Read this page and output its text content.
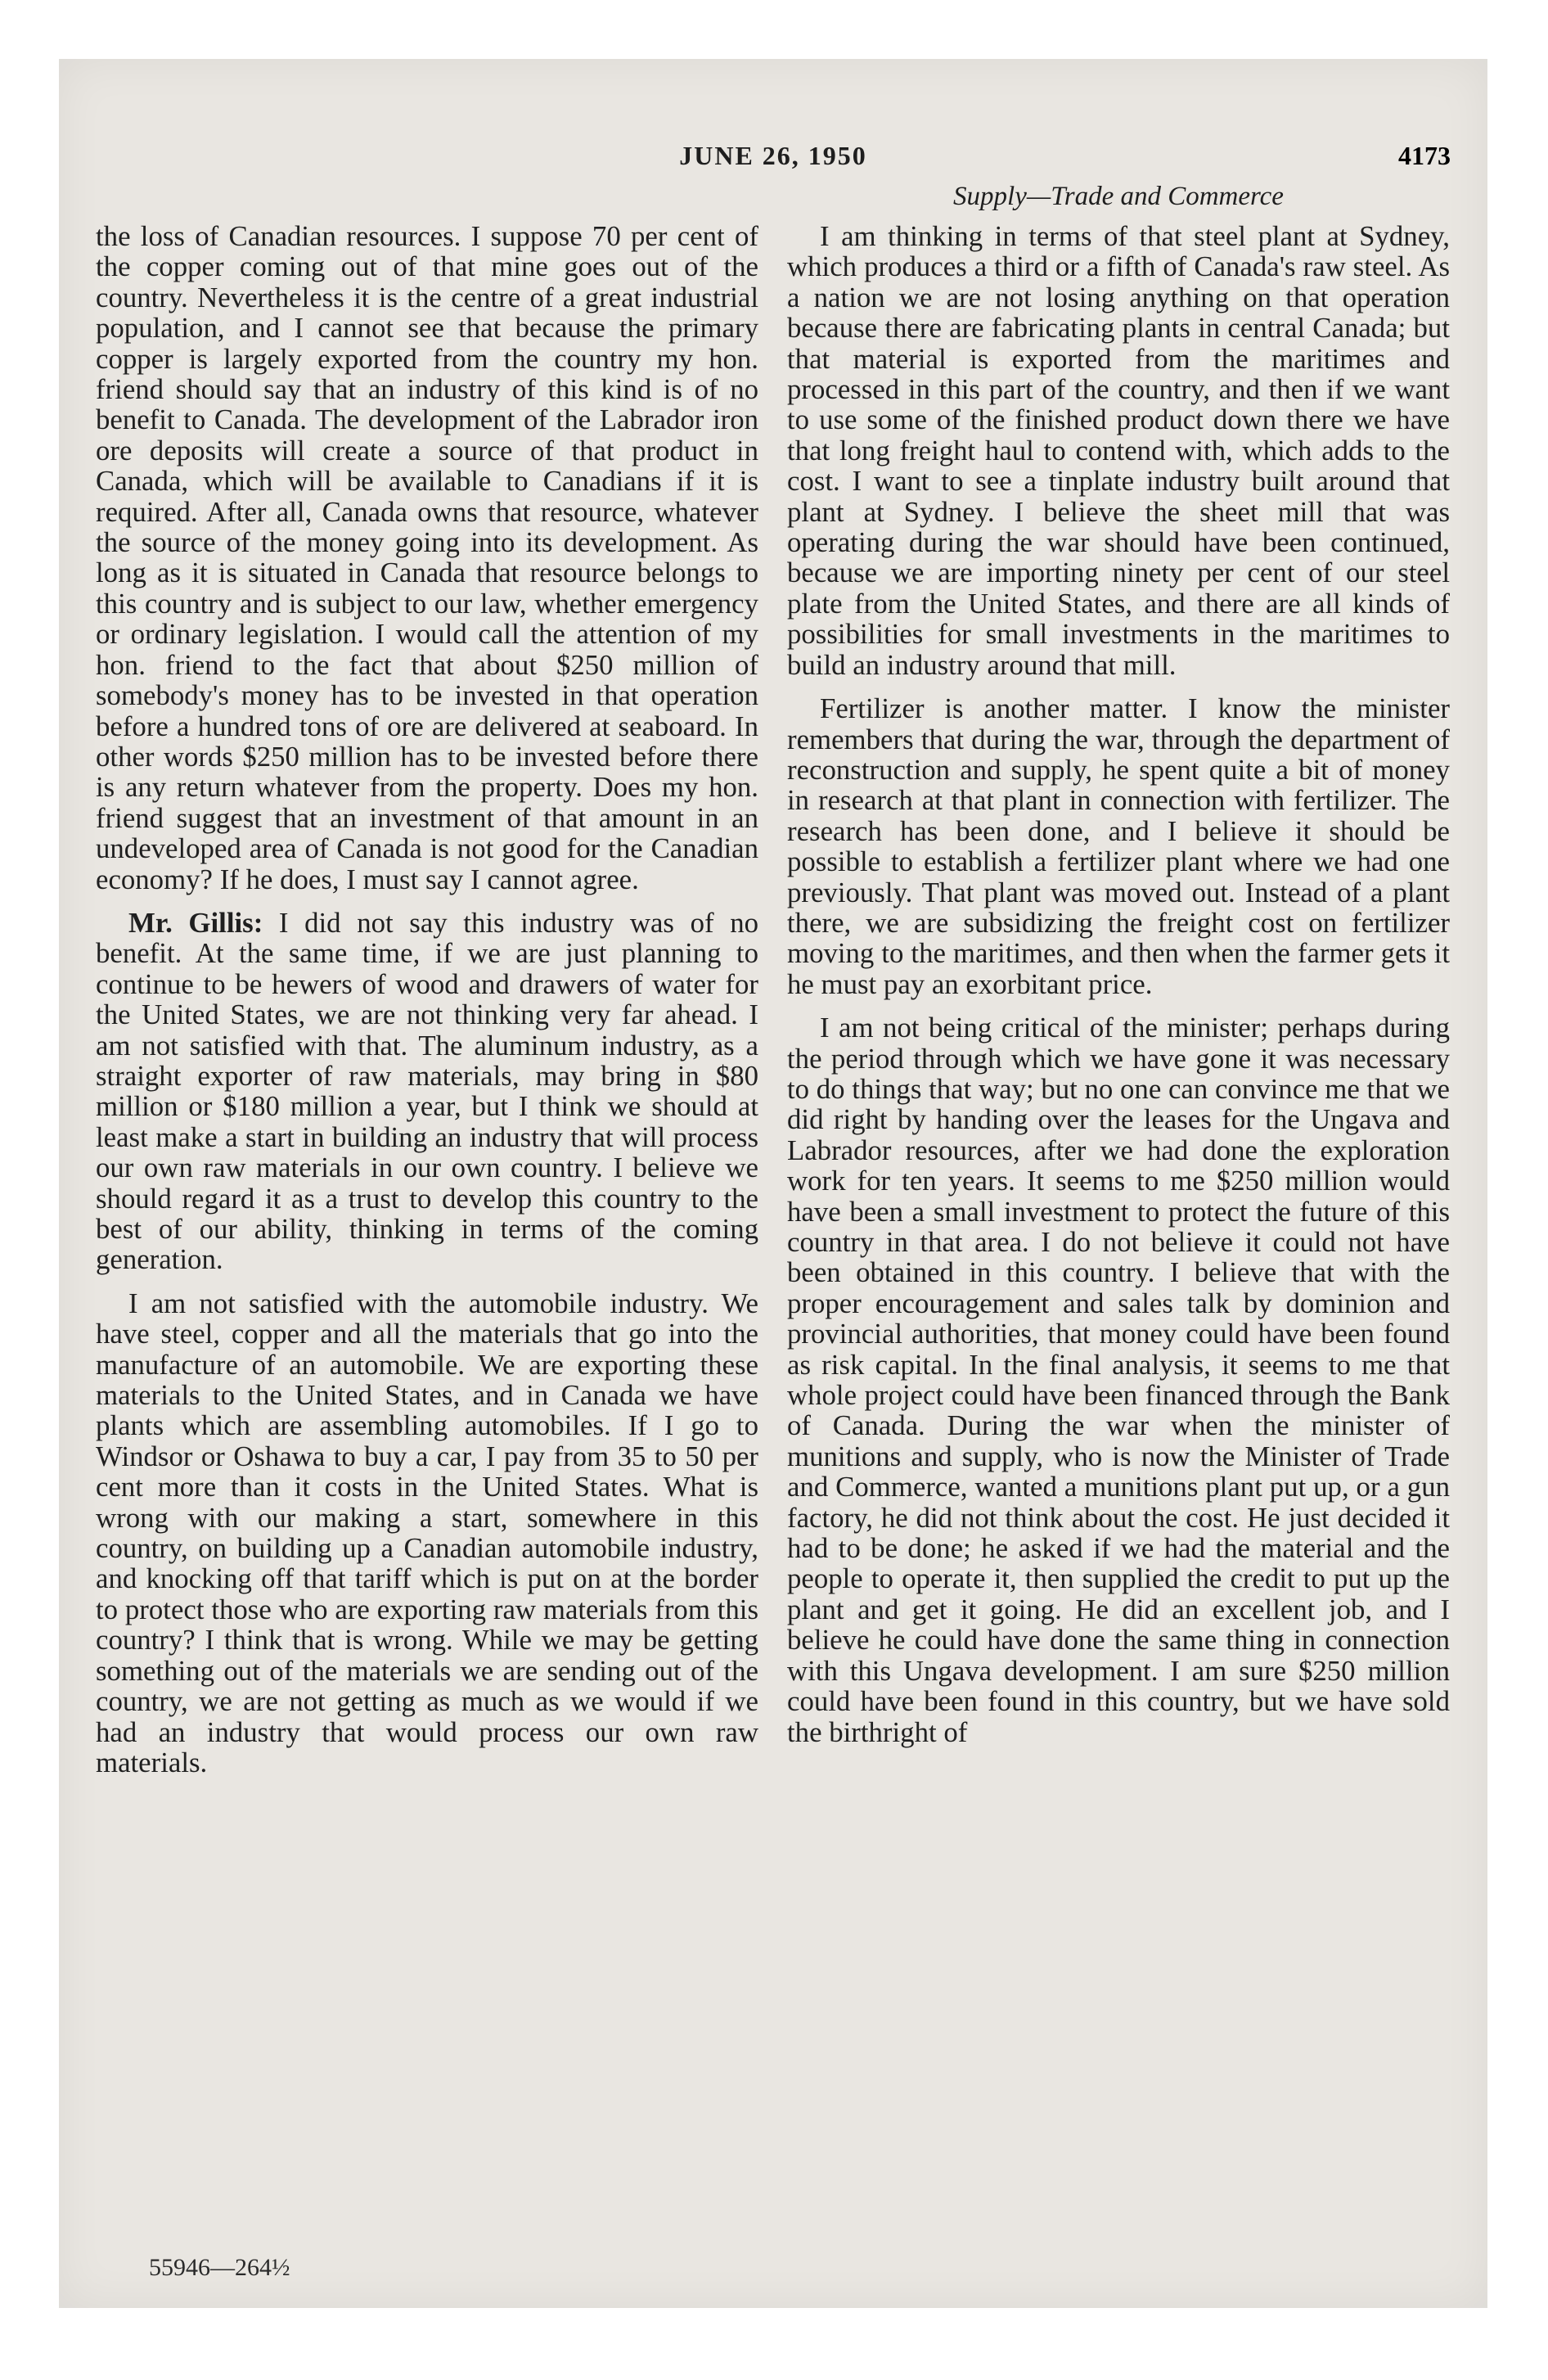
JUNE 26, 1950	4173
Supply—Trade and Commerce

the loss of Canadian resources. I suppose 70 per cent of the copper coming out of that mine goes out of the country. Nevertheless it is the centre of a great industrial population, and I cannot see that because the primary copper is largely exported from the country my hon. friend should say that an industry of this kind is of no benefit to Canada. The development of the Labrador iron ore deposits will create a source of that product in Canada, which will be available to Canadians if it is required. After all, Canada owns that resource, whatever the source of the money going into its development. As long as it is situated in Canada that resource belongs to this country and is subject to our law, whether emergency or ordinary legislation. I would call the attention of my hon. friend to the fact that about $250 million of somebody's money has to be invested in that operation before a hundred tons of ore are delivered at seaboard. In other words $250 million has to be invested before there is any return whatever from the property. Does my hon. friend suggest that an investment of that amount in an undeveloped area of Canada is not good for the Canadian economy? If he does, I must say I cannot agree.

Mr. Gillis: I did not say this industry was of no benefit. At the same time, if we are just planning to continue to be hewers of wood and drawers of water for the United States, we are not thinking very far ahead. I am not satisfied with that. The aluminum industry, as a straight exporter of raw materials, may bring in $80 million or $180 million a year, but I think we should at least make a start in building an industry that will process our own raw materials in our own country. I believe we should regard it as a trust to develop this country to the best of our ability, thinking in terms of the coming generation.

I am not satisfied with the automobile industry. We have steel, copper and all the materials that go into the manufacture of an automobile. We are exporting these materials to the United States, and in Canada we have plants which are assembling automobiles. If I go to Windsor or Oshawa to buy a car, I pay from 35 to 50 per cent more than it costs in the United States. What is wrong with our making a start, somewhere in this country, on building up a Canadian automobile industry, and knocking off that tariff which is put on at the border to protect those who are exporting raw materials from this country? I think that is wrong. While we may be getting something out of the materials we are sending out of the country, we are not getting as much as we would if we had an industry that would process our own raw materials.

I am thinking in terms of that steel plant at Sydney, which produces a third or a fifth of Canada's raw steel. As a nation we are not losing anything on that operation because there are fabricating plants in central Canada; but that material is exported from the maritimes and processed in this part of the country, and then if we want to use some of the finished product down there we have that long freight haul to contend with, which adds to the cost. I want to see a tinplate industry built around that plant at Sydney. I believe the sheet mill that was operating during the war should have been continued, because we are importing ninety per cent of our steel plate from the United States, and there are all kinds of possibilities for small investments in the maritimes to build an industry around that mill.

Fertilizer is another matter. I know the minister remembers that during the war, through the department of reconstruction and supply, he spent quite a bit of money in research at that plant in connection with fertilizer. The research has been done, and I believe it should be possible to establish a fertilizer plant where we had one previously. That plant was moved out. Instead of a plant there, we are subsidizing the freight cost on fertilizer moving to the maritimes, and then when the farmer gets it he must pay an exorbitant price.

I am not being critical of the minister; perhaps during the period through which we have gone it was necessary to do things that way; but no one can convince me that we did right by handing over the leases for the Ungava and Labrador resources, after we had done the exploration work for ten years. It seems to me $250 million would have been a small investment to protect the future of this country in that area. I do not believe it could not have been obtained in this country. I believe that with the proper encouragement and sales talk by dominion and provincial authorities, that money could have been found as risk capital. In the final analysis, it seems to me that whole project could have been financed through the Bank of Canada. During the war when the minister of munitions and supply, who is now the Minister of Trade and Commerce, wanted a munitions plant put up, or a gun factory, he did not think about the cost. He just decided it had to be done; he asked if we had the material and the people to operate it, then supplied the credit to put up the plant and get it going. He did an excellent job, and I believe he could have done the same thing in connection with this Ungava development. I am sure $250 million could have been found in this country, but we have sold the birthright of

55946—264½
